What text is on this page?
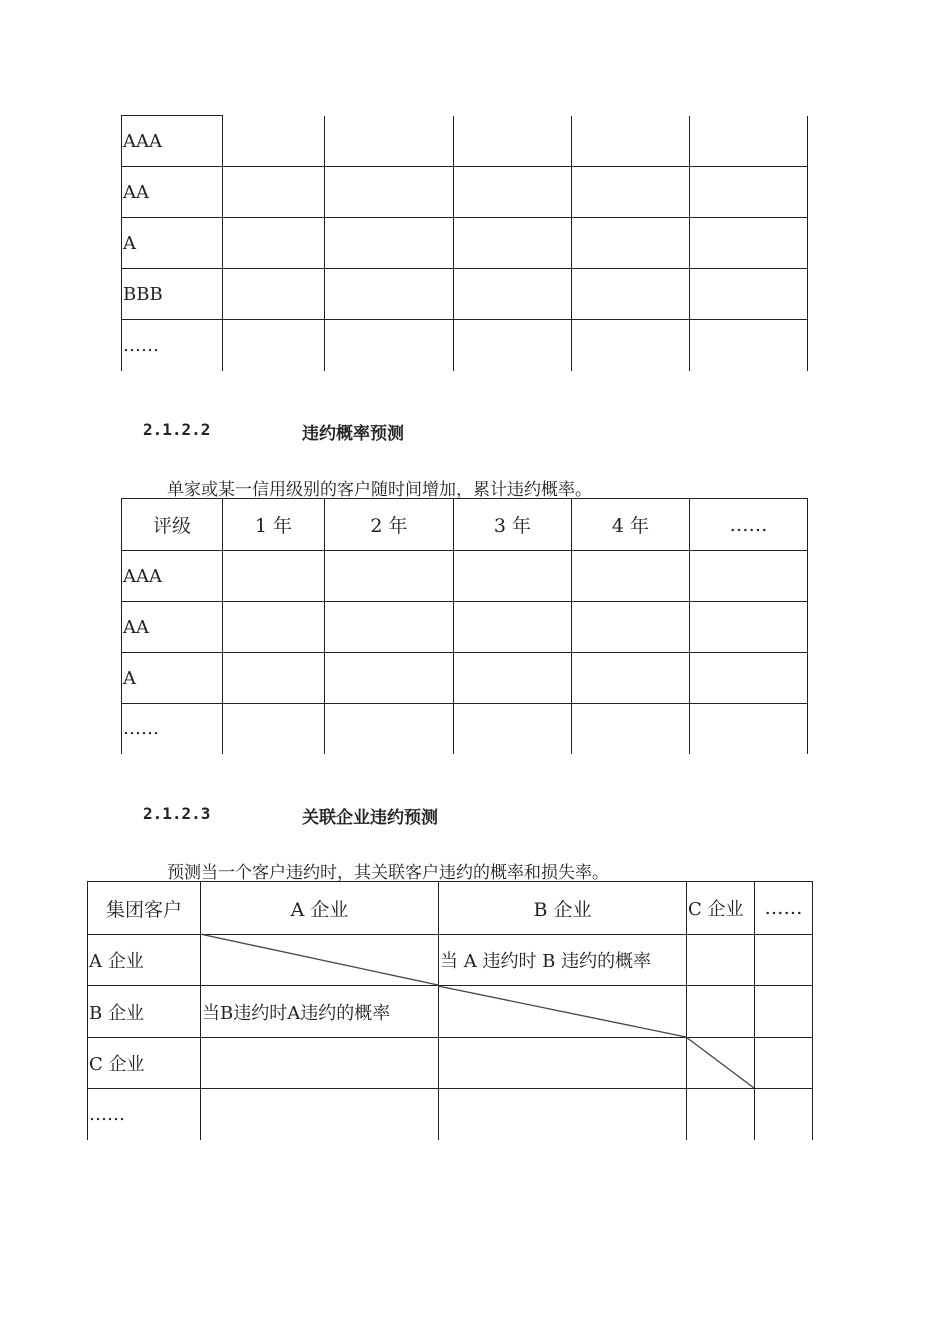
AAA					
AA					
A					
BBB					
……					
2.1.2.2	违约概率预测
单家或某一信用级别的客户随时间增加，累计违约概率。
评级	1 年	2 年	3 年	4 年	……
AAA					
AA					
A					
……					
2.1.2.3	关联企业违约预测
预测当一个客户违约时，其关联客户违约的概率和损失率。
集团客户	A 企业	B 企业	C 企业	……
A 企业		当 A 违约时 B 违约的概率		
B 企业	当B违约时A违约的概率			
C 企业				
……				
